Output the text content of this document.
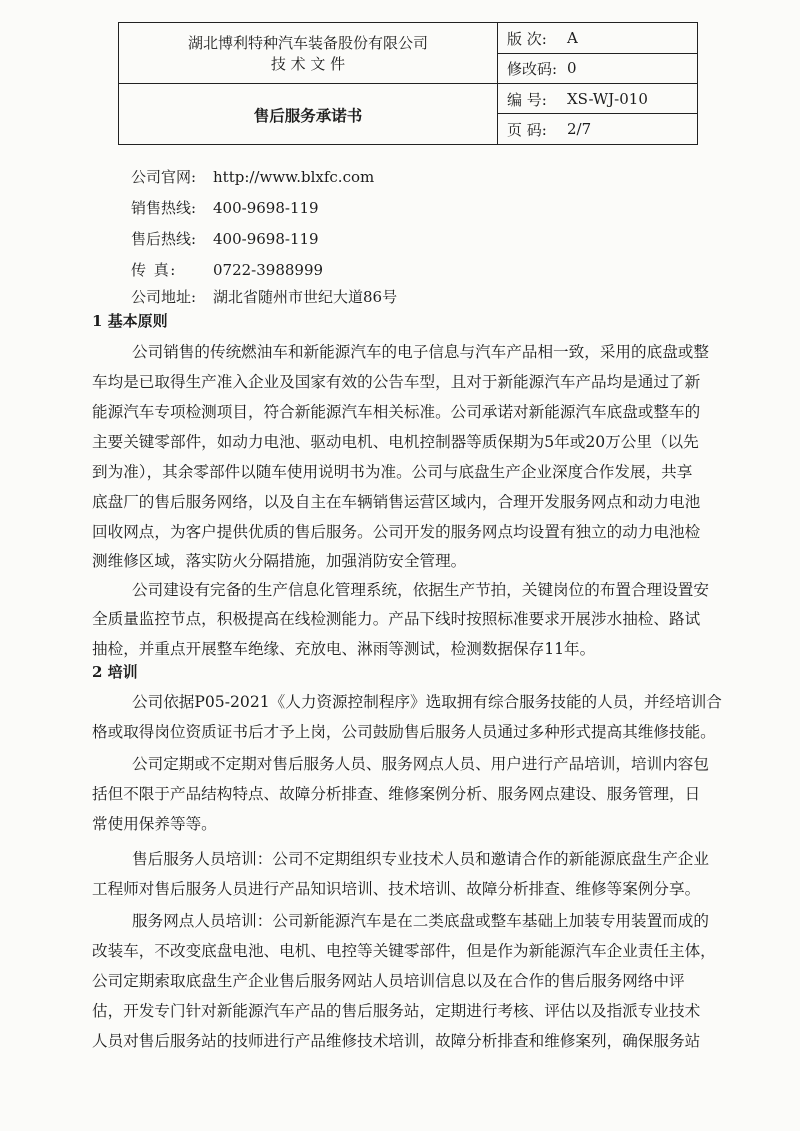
湖北博利特种汽车装备股份有限公司
技 术 文 件
售后服务承诺书
版 次:	A
修改码: 0
编 号:	XS-WJ-010
页 码:	2/7
公司官网: http://www.blxfc.com
销售热线: 400-9698-119
售后热线: 400-9698-119
传 真: 0722-3988999
公司地址: 湖北省随州市世纪大道86号
1 基本原则
公司销售的传统燃油车和新能源汽车的电子信息与汽车产品相一致，采用的底盘或整
车均是已取得生产准入企业及国家有效的公告车型，且对于新能源汽车产品均是通过了新
能源汽车专项检测项目，符合新能源汽车相关标准。公司承诺对新能源汽车底盘或整车的
主要关键零部件，如动力电池、驱动电机、电机控制器等质保期为5年或20万公里（以先
到为准），其余零部件以随车使用说明书为准。公司与底盘生产企业深度合作发展，共享
底盘厂的售后服务网络，以及自主在车辆销售运营区域内，合理开发服务网点和动力电池
回收网点，为客户提供优质的售后服务。公司开发的服务网点均设置有独立的动力电池检
测维修区域，落实防火分隔措施，加强消防安全管理。
公司建设有完备的生产信息化管理系统，依据生产节拍，关键岗位的布置合理设置安
全质量监控节点，积极提高在线检测能力。产品下线时按照标准要求开展涉水抽检、路试
抽检，并重点开展整车绝缘、充放电、淋雨等测试，检测数据保存11年。
2 培训
公司依据P05-2021《人力资源控制程序》选取拥有综合服务技能的人员，并经培训合
格或取得岗位资质证书后才予上岗，公司鼓励售后服务人员通过多种形式提高其维修技能。
公司定期或不定期对售后服务人员、服务网点人员、用户进行产品培训，培训内容包
括但不限于产品结构特点、故障分析排查、维修案例分析、服务网点建设、服务管理，日
常使用保养等等。
售后服务人员培训：公司不定期组织专业技术人员和邀请合作的新能源底盘生产企业
工程师对售后服务人员进行产品知识培训、技术培训、故障分析排查、维修等案例分享。
服务网点人员培训：公司新能源汽车是在二类底盘或整车基础上加装专用装置而成的
改装车，不改变底盘电池、电机、电控等关键零部件，但是作为新能源汽车企业责任主体，
公司定期索取底盘生产企业售后服务网站人员培训信息以及在合作的售后服务网络中评
估，开发专门针对新能源汽车产品的售后服务站，定期进行考核、评估以及指派专业技术
人员对售后服务站的技师进行产品维修技术培训，故障分析排查和维修案列，确保服务站
